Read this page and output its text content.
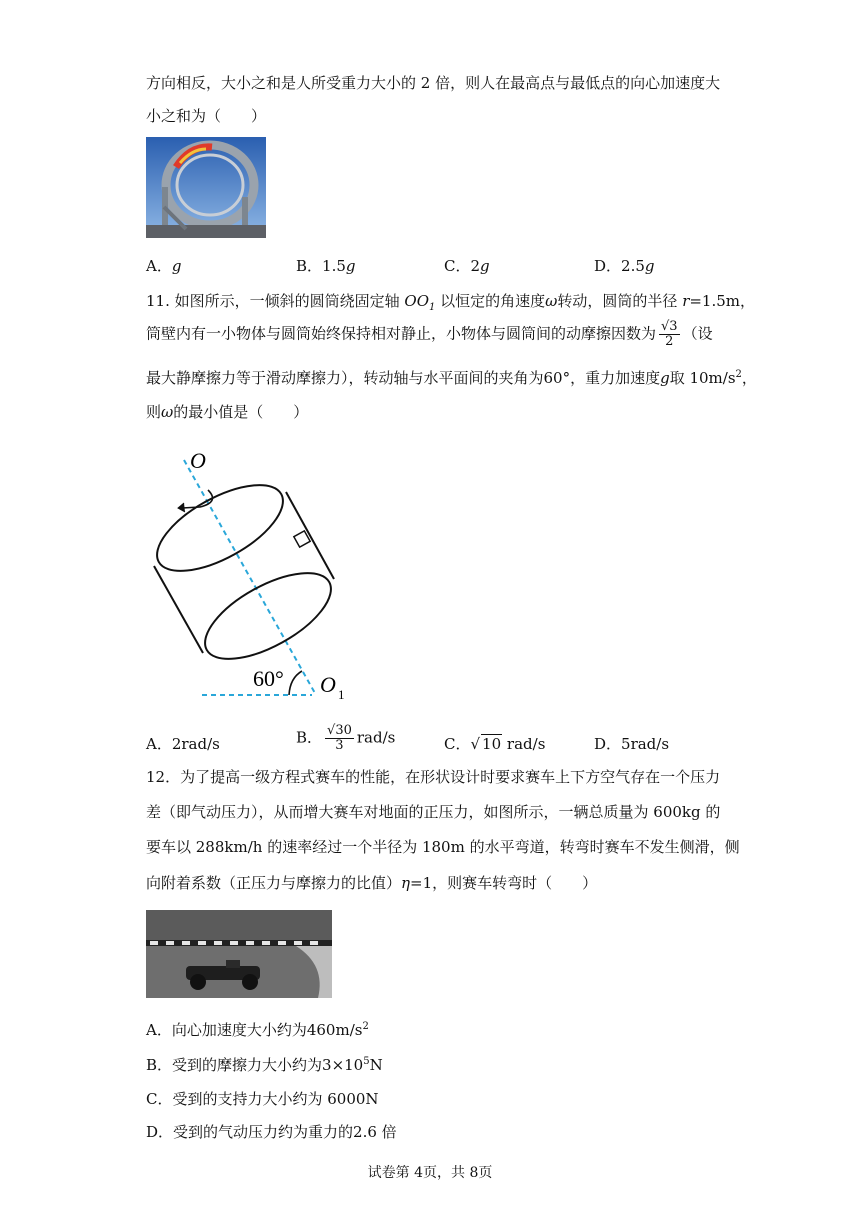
方向相反，大小之和是人所受重力大小的 2 倍，则人在最高点与最低点的向心加速度大
小之和为（　　）
A．g	B．1.5g	C．2g	D．2.5g
11. 如图所示，一倾斜的圆筒绕固定轴 $OO_1$ 以恒定的角速度ω转动，圆筒的半径 r=1.5m，
筒壁内有一小物体与圆筒始终保持相对静止，小物体与圆筒间的动摩擦因数为 $\frac{√3}{2}$ （设
最大静摩擦力等于滑动摩擦力），转动轴与水平面间的夹角为60°，重力加速度g取 $10m/s^2$，
则ω的最小值是（　　）
O
60° O 1
A．2rad/s	B． $\frac{√30}{3} rad/s$	C．√ 10 rad/s	D．5rad/s
12．为了提高一级方程式赛车的性能，在形状设计时要求赛车上下方空气存在一个压力
差（即气动压力），从而增大赛车对地面的正压力，如图所示，一辆总质量为 600kg 的
要车以 288km/h 的速率经过一个半径为 180m 的水平弯道，转弯时赛车不发生侧滑，侧
向附着系数（正压力与摩擦力的比值）η=1，则赛车转弯时（　　）
A．向心加速度大小约为$460m/s^2$
B．受到的摩擦力大小约为$3\times 10^5N$
C．受到的支持力大小约为 6000N
D．受到的气动压力约为重力的2.6 倍
试卷第 4页，共 8页
